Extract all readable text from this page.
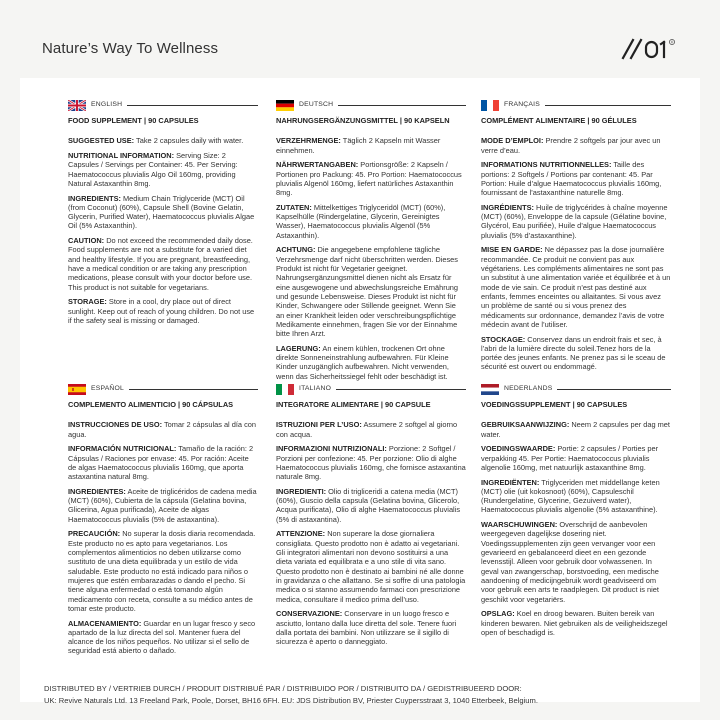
Nature’s Way To Wellness	®
ENGLISH
FOOD SUPPLEMENT | 90 CAPSULES

SUGGESTED USE: Take 2 capsules daily with water.

NUTRITIONAL INFORMATION: Serving Size: 2 Capsules / Servings per Container: 45. Per Serving: Haematococcus pluvialis Algo Oil 160mg, providing Natural Astaxanthin 8mg.

INGREDIENTS: Medium Chain Triglyceride (MCT) Oil (from Coconut) (60%), Capsule Shell (Bovine Gelatin, Glycerin, Purified Water), Haematococcus pluvialis Algae Oil (5% Astaxanthin).

CAUTION: Do not exceed the recommended daily dose. Food supplements are not a substitute for a varied diet and healthy lifestyle. If you are pregnant, breastfeeding, have a medical condition or are taking any prescription medications, please consult with your doctor before use. This product is not suitable for vegetarians.

STORAGE: Store in a cool, dry place out of direct sunlight. Keep out of reach of young children. Do not use if the safety seal is missing or damaged.

DEUTSCH
NAHRUNGSERGÄNZUNGSMITTEL | 90 KAPSELN

VERZEHRMENGE: Täglich 2 Kapseln mit Wasser einnehmen.

NÄHRWERTANGABEN: Portionsgröße: 2 Kapseln / Portionen pro Packung: 45. Pro Portion: Haematococcus pluvialis Algenöl 160mg, liefert natürliches Astaxanthin 8mg.

ZUTATEN: Mittelkettiges Triglyceridöl (MCT) (60%), Kapselhülle (Rindergelatine, Glycerin, Gereinigtes Wasser), Haematococcus pluvialis Algenöl (5% Astaxanthin).

ACHTUNG: Die angegebene empfohlene tägliche Verzehrsmenge darf nicht überschritten werden. Dieses Produkt ist nicht für Vegetarier geeignet. Nahrungsergänzungsmittel dienen nicht als Ersatz für eine ausgewogene und abwechslungsreiche Ernährung und gesunde Lebensweise. Dieses Produkt ist nicht für Kinder, Schwangere oder Stillende geeignet. Wenn Sie an einer Krankheit leiden oder verschreibungspflichtige Medikamente einnehmen, fragen Sie vor der Einnahme bitte Ihren Arzt.

LAGERUNG: An einem kühlen, trockenen Ort ohne direkte Sonneneinstrahlung aufbewahren. Für Kleine Kinder unzugänglich aufbewahren. Nicht verwenden, wenn das Sicherheitssiegel fehlt oder beschädigt ist.

FRANÇAIS
COMPLÉMENT ALIMENTAIRE | 90 GÉLULES

MODE D’EMPLOI: Prendre 2 softgels par jour avec un verre d’eau.

INFORMATIONS NUTRITIONNELLES: Taille des portions: 2 Softgels / Portions par contenant: 45. Par Portion: Huile d’algue Haematococcus pluvialis 160mg, fournissant de l’astaxanthine naturelle 8mg.

INGRÉDIENTS: Huile de triglycérides à chaîne moyenne (MCT) (60%), Enveloppe de la capsule (Gélatine bovine, Glycérol, Eau purifiée), Huile d’algue Haematococcus pluvialis (5% d’astaxanthine).

MISE EN GARDE: Ne dépassez pas la dose journalière recommandée. Ce produit ne convient pas aux végétariens. Les compléments alimentaires ne sont pas un substitut à une alimentation variée et équilibrée et à un mode de vie sain. Ce produit n’est pas destiné aux enfants, femmes enceintes ou allaitantes. Si vous avez un problème de santé ou si vous prenez des médicaments sur ordonnance, demandez l’avis de votre médecin avant de l’utiliser.

STOCKAGE: Conservez dans un endroit frais et sec, à l’abri de la lumière directe du soleil.Tenez hors de la portée des jeunes enfants. Ne prenez pas si le sceau de sécurité est ouvert ou endommagé.

ESPAÑOL
COMPLEMENTO ALIMENTICIO | 90 CÁPSULAS

INSTRUCCIONES DE USO: Tomar 2 cápsulas al día con agua.

INFORMACIÓN NUTRICIONAL: Tamaño de la ración: 2 Cápsulas / Raciones por envase: 45. Por ración: Aceite de algas Haematococcus pluvialis 160mg, que aporta astaxantina natural 8mg.

INGREDIENTES: Aceite de triglicéridos de cadena media (MCT) (60%), Cubierta de la cápsula (Gelatina bovina, Glicerina, Agua purificada), Aceite de algas Haematococcus pluvialis (5% de astaxantina).

PRECAUCIÓN: No superar la dosis diaria recomendada. Este producto no es apto para vegetarianos. Los complementos alimenticios no deben utilizarse como sustituto de una dieta equilibrada y un estilo de vida saludable. Este producto no está indicado para niños o mujeres que estén embarazadas o dando el pecho. Si tiene alguna enfermedad o está tomando algún medicamento con receta, consulte a su médico antes de tomar este producto.

ALMACENAMIENTO: Guardar en un lugar fresco y seco apartado de la luz directa del sol. Mantener fuera del alcance de los niños pequeños. No utilizar si el sello de seguridad está abierto o dañado.

ITALIANO
INTEGRATORE ALIMENTARE | 90 CAPSULE

ISTRUZIONI PER L’USO: Assumere 2 softgel al giorno con acqua.

INFORMAZIONI NUTRIZIONALI: Porzione: 2 Softgel / Porzioni per confezione: 45. Per porzione: Olio di alghe Haematococcus pluvialis 160mg, che fornisce astaxantina naturale 8mg.

INGREDIENTI: Olio di trigliceridi a catena media (MCT) (60%), Guscio della capsula (Gelatina bovina, Glicerolo, Acqua purificata), Olio di alghe Haematococcus pluvialis (5% di astaxantina).

ATTENZIONE: Non superare la dose giornaliera consigliata. Questo prodotto non è adatto ai vegetariani. Gli integratori alimentari non devono sostituirsi a una dieta variata ed equilibrata e a uno stile di vita sano. Questo prodotto non è destinato ai bambini né alle donne in gravidanza o che allattano. Se si soffre di una patologia medica o si stanno assumendo farmaci con prescrizione medica, consultare il medico prima dell’uso.

CONSERVAZIONE: Conservare in un luogo fresco e asciutto, lontano dalla luce diretta del sole. Tenere fuori dalla portata dei bambini. Non utilizzare se il sigillo di sicurezza è aperto o danneggiato.

NEDERLANDS
VOEDINGSSUPPLEMENT | 90 CAPSULES

GEBRUIKSAANWIJZING: Neem 2 capsules per dag met water.

VOEDINGSWAARDE: Portie: 2 capsules / Porties per verpakking 45. Per Portie: Haematococcus pluvialis algenolie 160mg, met natuurlijk astaxanthine 8mg.

INGREDIËNTEN: Triglyceriden met middellange keten (MCT) olie (uit kokosnoot) (60%), Capsuleschil (Rundergelatine, Glycerine, Gezuiverd water), Haematococcus pluvialis algenolie (5% astaxanthine).

WAARSCHUWINGEN: Overschrijd de aanbevolen weergegeven dagelijkse dosering niet. Voedingssupplementen zijn geen vervanger voor een gevarieerd en gebalanceerd dieet en een gezonde levensstijl. Alleen voor gebruik door volwassenen. In geval van zwangerschap, borstvoeding, een medische aandoening of medicijngebruik wordt geadviseerd om voor gebruik een arts te raadplegen. Dit product is niet geschikt voor vegetariërs.

OPSLAG: Koel en droog bewaren. Buiten bereik van kinderen bewaren. Niet gebruiken als de veiligheidszegel open of beschadigd is.

DISTRIBUTED BY / VERTRIEB DURCH / PRODUIT DISTRIBUÉ PAR / DISTRIBUIDO POR / DISTRIBUITO DA / GEDISTRIBUEERD DOOR:
UK: Revive Naturals Ltd. 13 Freeland Park, Poole, Dorset, BH16 6FH. EU: JDS Distribution BV, Priester Cuypersstraat 3, 1040 Etterbeek, Belgium.
